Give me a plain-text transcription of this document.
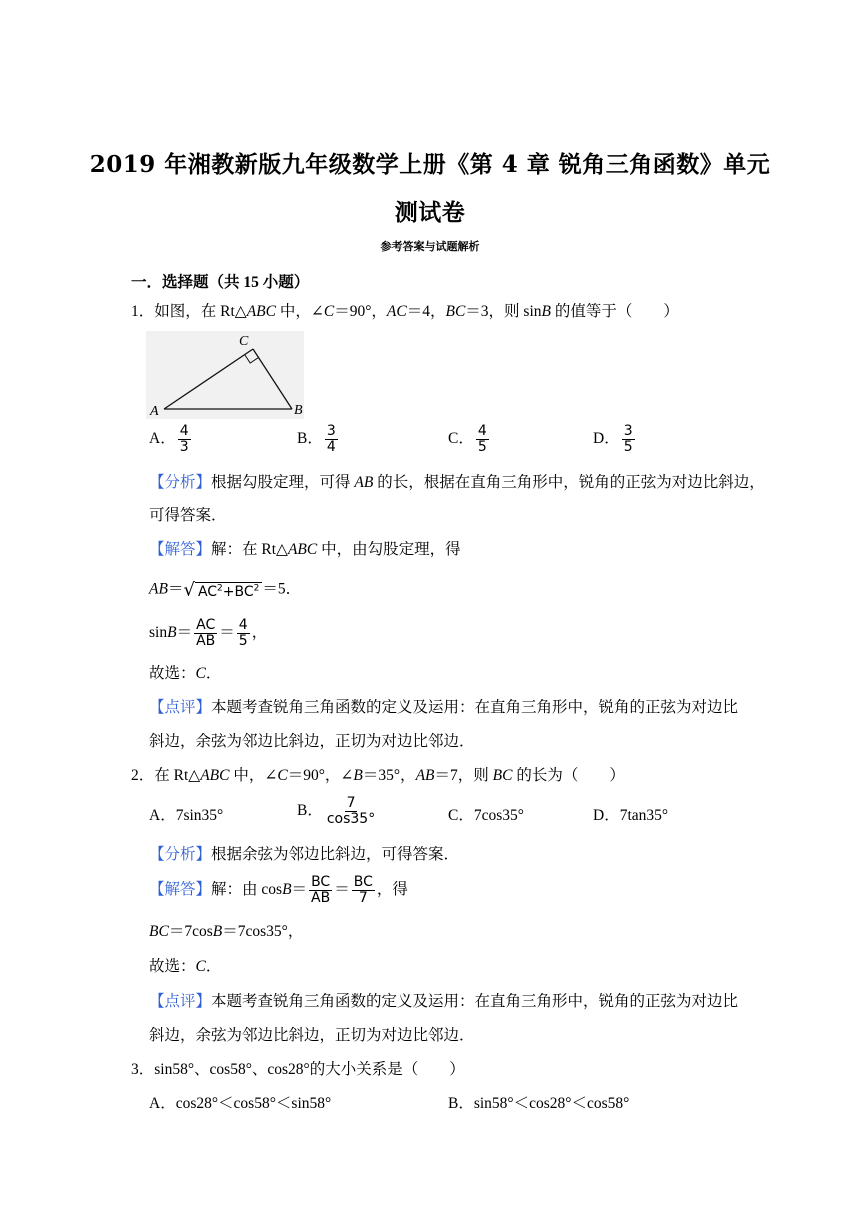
2019 年湘教新版九年级数学上册《第 4 章 锐角三角函数》单元
测试卷
参考答案与试题解析
一．选择题（共 15 小题）
1．如图，在 Rt△ABC 中，∠C＝90°，AC＝4，BC＝3，则 sinB 的值等于（　　）
A	B
C
A． $\frac{4}{3}$	B． $\frac{3}{4}$	C． $\frac{4}{5}$	D． $\frac{3}{5}$
【分析】根据勾股定理，可得 AB 的长，根据在直角三角形中，锐角的正弦为对边比斜边，
可得答案．
【解答】解：在 Rt△ABC 中，由勾股定理，得
AB＝√ $AC^2+BC^2 =5$．
$\sin B= \frac{AC}{AB} = \frac{4}{5}$ ，
故选：C．
【点评】本题考查锐角三角函数的定义及运用：在直角三角形中，锐角的正弦为对边比
斜边，余弦为邻边比斜边，正切为对边比邻边．
2．在 Rt△ABC 中，∠C＝90°，∠B＝35°，AB＝7，则 BC 的长为（　　）
A．7sin35°	B． $\frac{7}{\cos 35^\circ}$	C．7cos35°	D．7tan35°
【分析】根据余弦为邻边比斜边，可得答案．
【解答】解：由 $\cos B= \frac{BC}{AB} = \frac{BC}{7}$ ，得
BC＝7cosB＝7cos35°，
故选：C．
【点评】本题考查锐角三角函数的定义及运用：在直角三角形中，锐角的正弦为对边比
斜边，余弦为邻边比斜边，正切为对边比邻边．
3．sin58°、cos58°、cos28°的大小关系是（　　）
A．cos28°＜cos58°＜sin58°	B．sin58°＜cos28°＜cos58°
